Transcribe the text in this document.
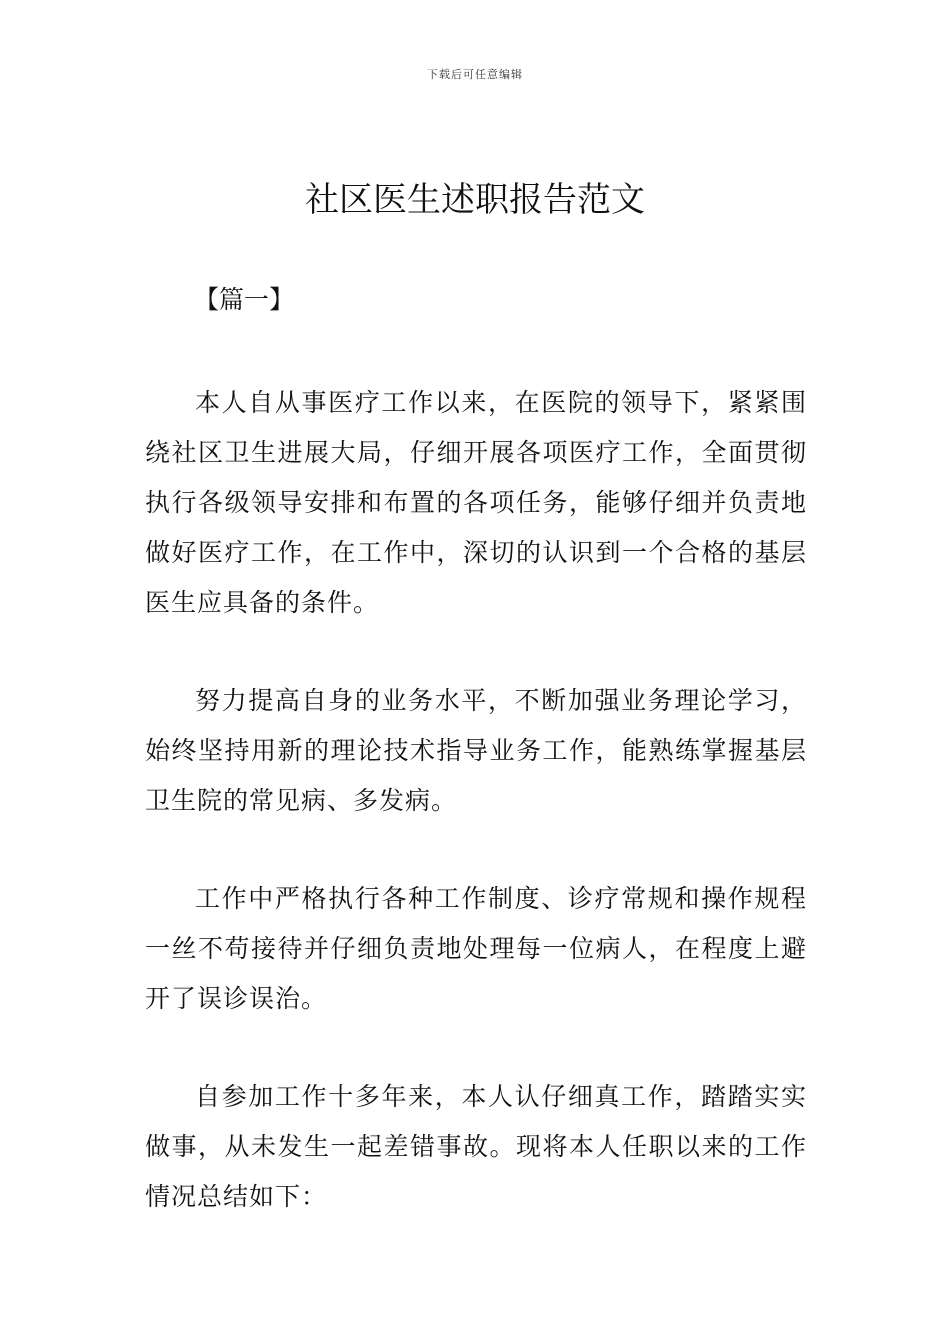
下载后可任意编辑
社区医生述职报告范文
【篇一】

本人自从事医疗工作以来，在医院的领导下，紧紧围绕社区卫生进展大局，仔细开展各项医疗工作，全面贯彻执行各级领导安排和布置的各项任务，能够仔细并负责地做好医疗工作，在工作中，深切的认识到一个合格的基层医生应具备的条件。

努力提高自身的业务水平，不断加强业务理论学习，始终坚持用新的理论技术指导业务工作，能熟练掌握基层卫生院的常见病、多发病。

工作中严格执行各种工作制度、诊疗常规和操作规程一丝不苟接待并仔细负责地处理每一位病人，在程度上避开了误诊误治。

自参加工作十多年来，本人认仔细真工作，踏踏实实做事，从未发生一起差错事故。现将本人任职以来的工作情况总结如下：
